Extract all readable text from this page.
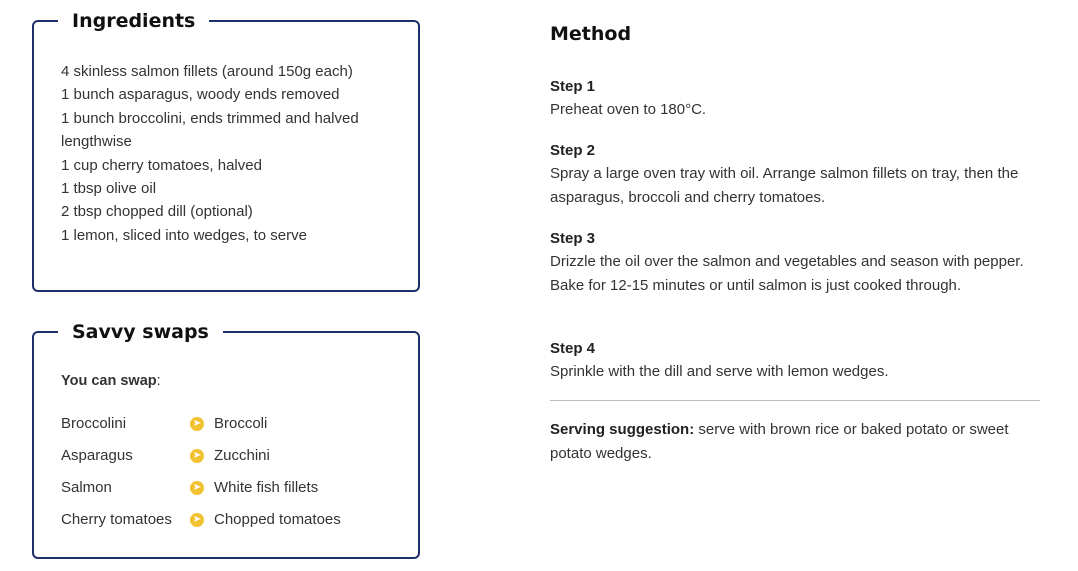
Ingredients
4 skinless salmon fillets (around 150g each)
1 bunch asparagus, woody ends removed
1 bunch broccolini, ends trimmed and halved lengthwise
1 cup cherry tomatoes, halved
1 tbsp olive oil
2 tbsp chopped dill (optional)
1 lemon, sliced into wedges, to serve
Savvy swaps
You can swap:
Broccolini	➤ Broccoli
Asparagus	➤ Zucchini
Salmon	➤ White fish fillets
Cherry tomatoes ➤ Chopped tomatoes
Method
Step 1
Preheat oven to 180°C.
Step 2
Spray a large oven tray with oil. Arrange salmon fillets on tray, then the asparagus, broccoli and cherry tomatoes.
Step 3
Drizzle the oil over the salmon and vegetables and season with pepper. Bake for 12-15 minutes or until salmon is just cooked through.
Step 4
Sprinkle with the dill and serve with lemon wedges.
Serving suggestion: serve with brown rice or baked potato or sweet potato wedges.
